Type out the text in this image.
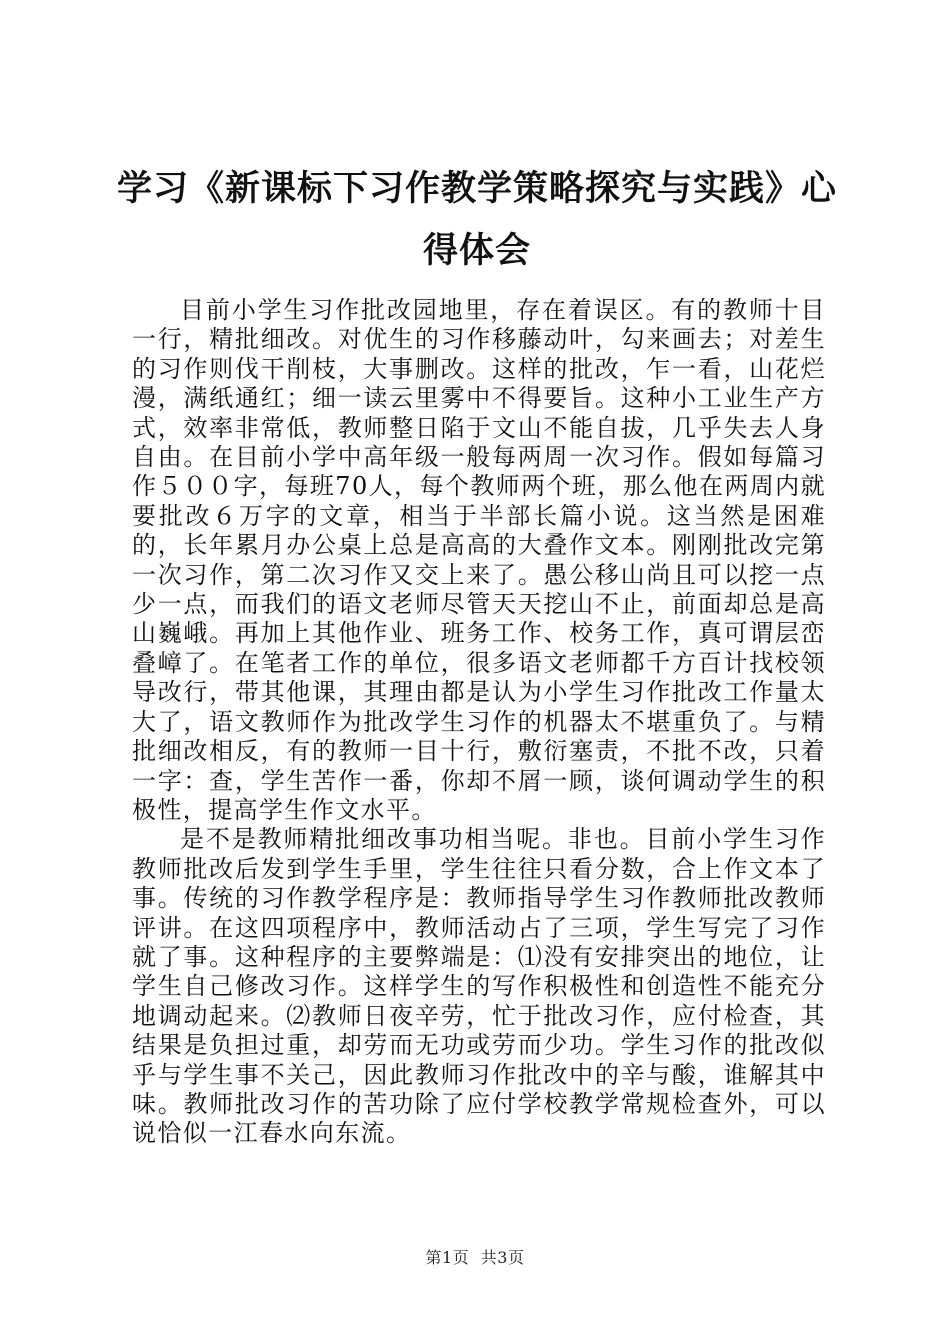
学习《新课标下习作教学策略探究与实践》心得体会

目前小学生习作批改园地里，存在着误区。有的教师十目一行，精批细改。对优生的习作移藤动叶，勾来画去；对差生的习作则伐干削枝，大事删改。这样的批改，乍一看，山花烂漫，满纸通红；细一读云里雾中不得要旨。这种小工业生产方式，效率非常低，教师整日陷于文山不能自拔，几乎失去人身自由。在目前小学中高年级一般每两周一次习作。假如每篇习作５００字，每班70人，每个教师两个班，那么他在两周内就要批改６万字的文章，相当于半部长篇小说。这当然是困难的，长年累月办公桌上总是高高的大叠作文本。刚刚批改完第一次习作，第二次习作又交上来了。愚公移山尚且可以挖一点少一点，而我们的语文老师尽管天天挖山不止，前面却总是高山巍峨。再加上其他作业、班务工作、校务工作，真可谓层峦叠嶂了。在笔者工作的单位，很多语文老师都千方百计找校领导改行，带其他课，其理由都是认为小学生习作批改工作量太大了，语文教师作为批改学生习作的机器太不堪重负了。与精批细改相反，有的教师一目十行，敷衍塞责，不批不改，只着一字：查，学生苦作一番，你却不屑一顾，谈何调动学生的积极性，提高学生作文水平。

是不是教师精批细改事功相当呢。非也。目前小学生习作教师批改后发到学生手里，学生往往只看分数，合上作文本了事。传统的习作教学程序是：教师指导学生习作教师批改教师评讲。在这四项程序中，教师活动占了三项，学生写完了习作就了事。这种程序的主要弊端是：⑴没有安排突出的地位，让学生自己修改习作。这样学生的写作积极性和创造性不能充分地调动起来。⑵教师日夜辛劳，忙于批改习作，应付检查，其结果是负担过重，却劳而无功或劳而少功。学生习作的批改似乎与学生事不关己，因此教师习作批改中的辛与酸，谁解其中味。教师批改习作的苦功除了应付学校教学常规检查外，可以说恰似一江春水向东流。

第1页 共3页
